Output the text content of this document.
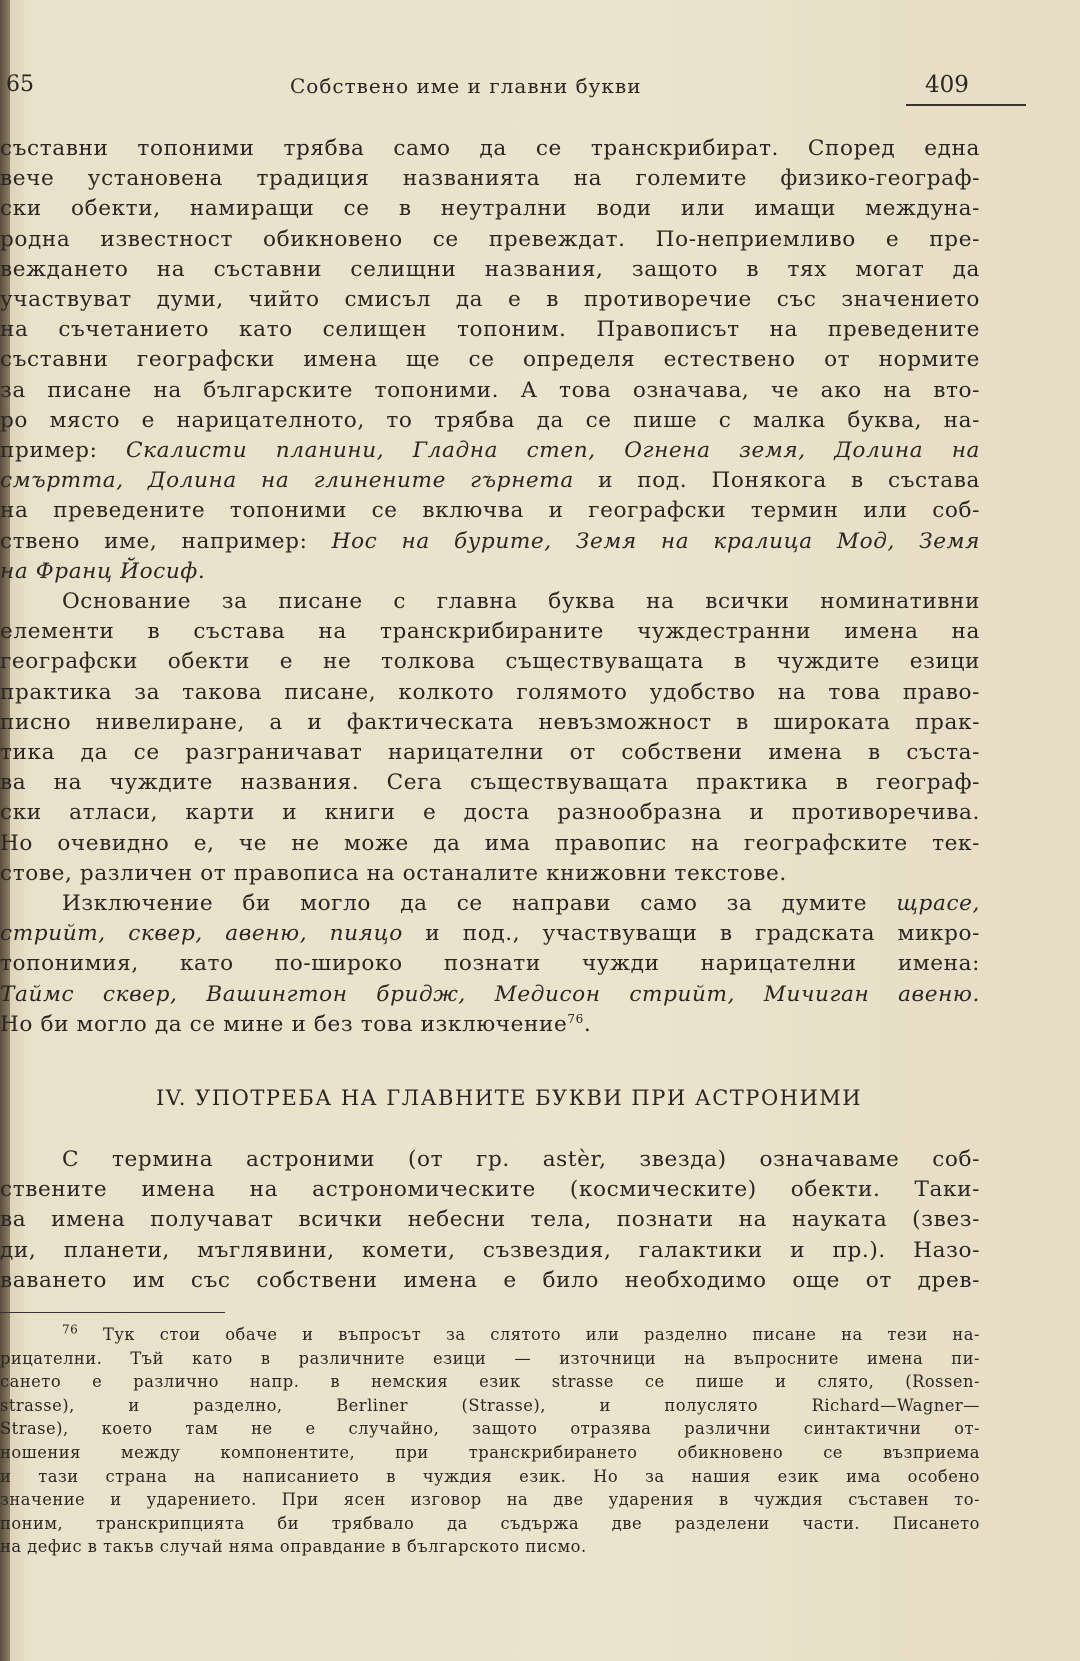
65	Собствено име и главни букви	409
съставни топоними трябва само да се транскрибират. Според една
вече установена традиция названията на големите физико-географ-
ски обекти, намиращи се в неутрални води или имащи междуна-
родна известност обикновено се превеждат. По-неприемливо е пре-
веждането на съставни селищни названия, защото в тях могат да
участвуват думи, чийто смисъл да е в противоречие със значението
на съчетанието като селищен топоним. Правописът на преведените
съставни географски имена ще се определя естествено от нормите
за писане на българските топоними. А това означава, че ако на вто-
ро място е нарицателното, то трябва да се пише с малка буква, на-
пример: Скалисти планини, Гладна степ, Огнена земя, Долина на
смъртта, Долина на глинените гърнета и под. Понякога в състава
на преведените топоними се включва и географски термин или соб-
ствено име, например: Нос на бурите, Земя на кралица Мод, Земя
на Франц Йосиф.
Основание за писане с главна буква на всички номинативни
елементи в състава на транскрибираните чуждестранни имена на
географски обекти е не толкова съществуващата в чуждите езици
практика за такова писане, колкото голямото удобство на това право-
писно нивелиране, а и фактическата невъзможност в широката прак-
тика да се разграничават нарицателни от собствени имена в съста-
ва на чуждите названия. Сега съществуващата практика в географ-
ски атласи, карти и книги е доста разнообразна и противоречива.
Но очевидно е, че не може да има правопис на географските тек-
стове, различен от правописа на останалите книжовни текстове.
Изключение би могло да се направи само за думите щрасе,
стрийт, сквер, авеню, пияцо и под., участвуващи в градската микро-
топонимия, като по-широко познати чужди нарицателни имена:
Таймс сквер, Вашингтон бридж, Медисон стрийт, Мичиган авеню.
Но би могло да се мине и без това изключение$^{76}$.
IV. УПОТРЕБА НА ГЛАВНИТЕ БУКВИ ПРИ АСТРОНИМИ
С термина астроними (от гр. astèr, звезда) означаваме соб-
ствените имена на астрономическите (космическите) обекти. Таки-
ва имена получават всички небесни тела, познати на науката (звез-
ди, планети, мъглявини, комети, съзвездия, галактики и пр.). Назо-
ваването им със собствени имена е било необходимо още от древ-
$^{76}$ Тук стои обаче и въпросът за слятото или разделно писане на тези на-
рицателни. Тъй като в различните езици — източници на въпросните имена пи-
сането е различно напр. в немския език strasse се пише и слято, (Rossen-
strasse), и разделно, Berliner (Strasse), и полуслято Richard—Wagner—
Strase), което там не е случайно, защото отразява различни синтактични от-
ношения между компонентите, при транскрибирането обикновено се възприема
и тази страна на написанието в чуждия език. Но за нашия език има особено
значение и ударението. При ясен изговор на две ударения в чуждия съставен то-
поним, транскрипцията би трябвало да съдържа две разделени части. Писането
на дефис в такъв случай няма оправдание в българското писмо.
